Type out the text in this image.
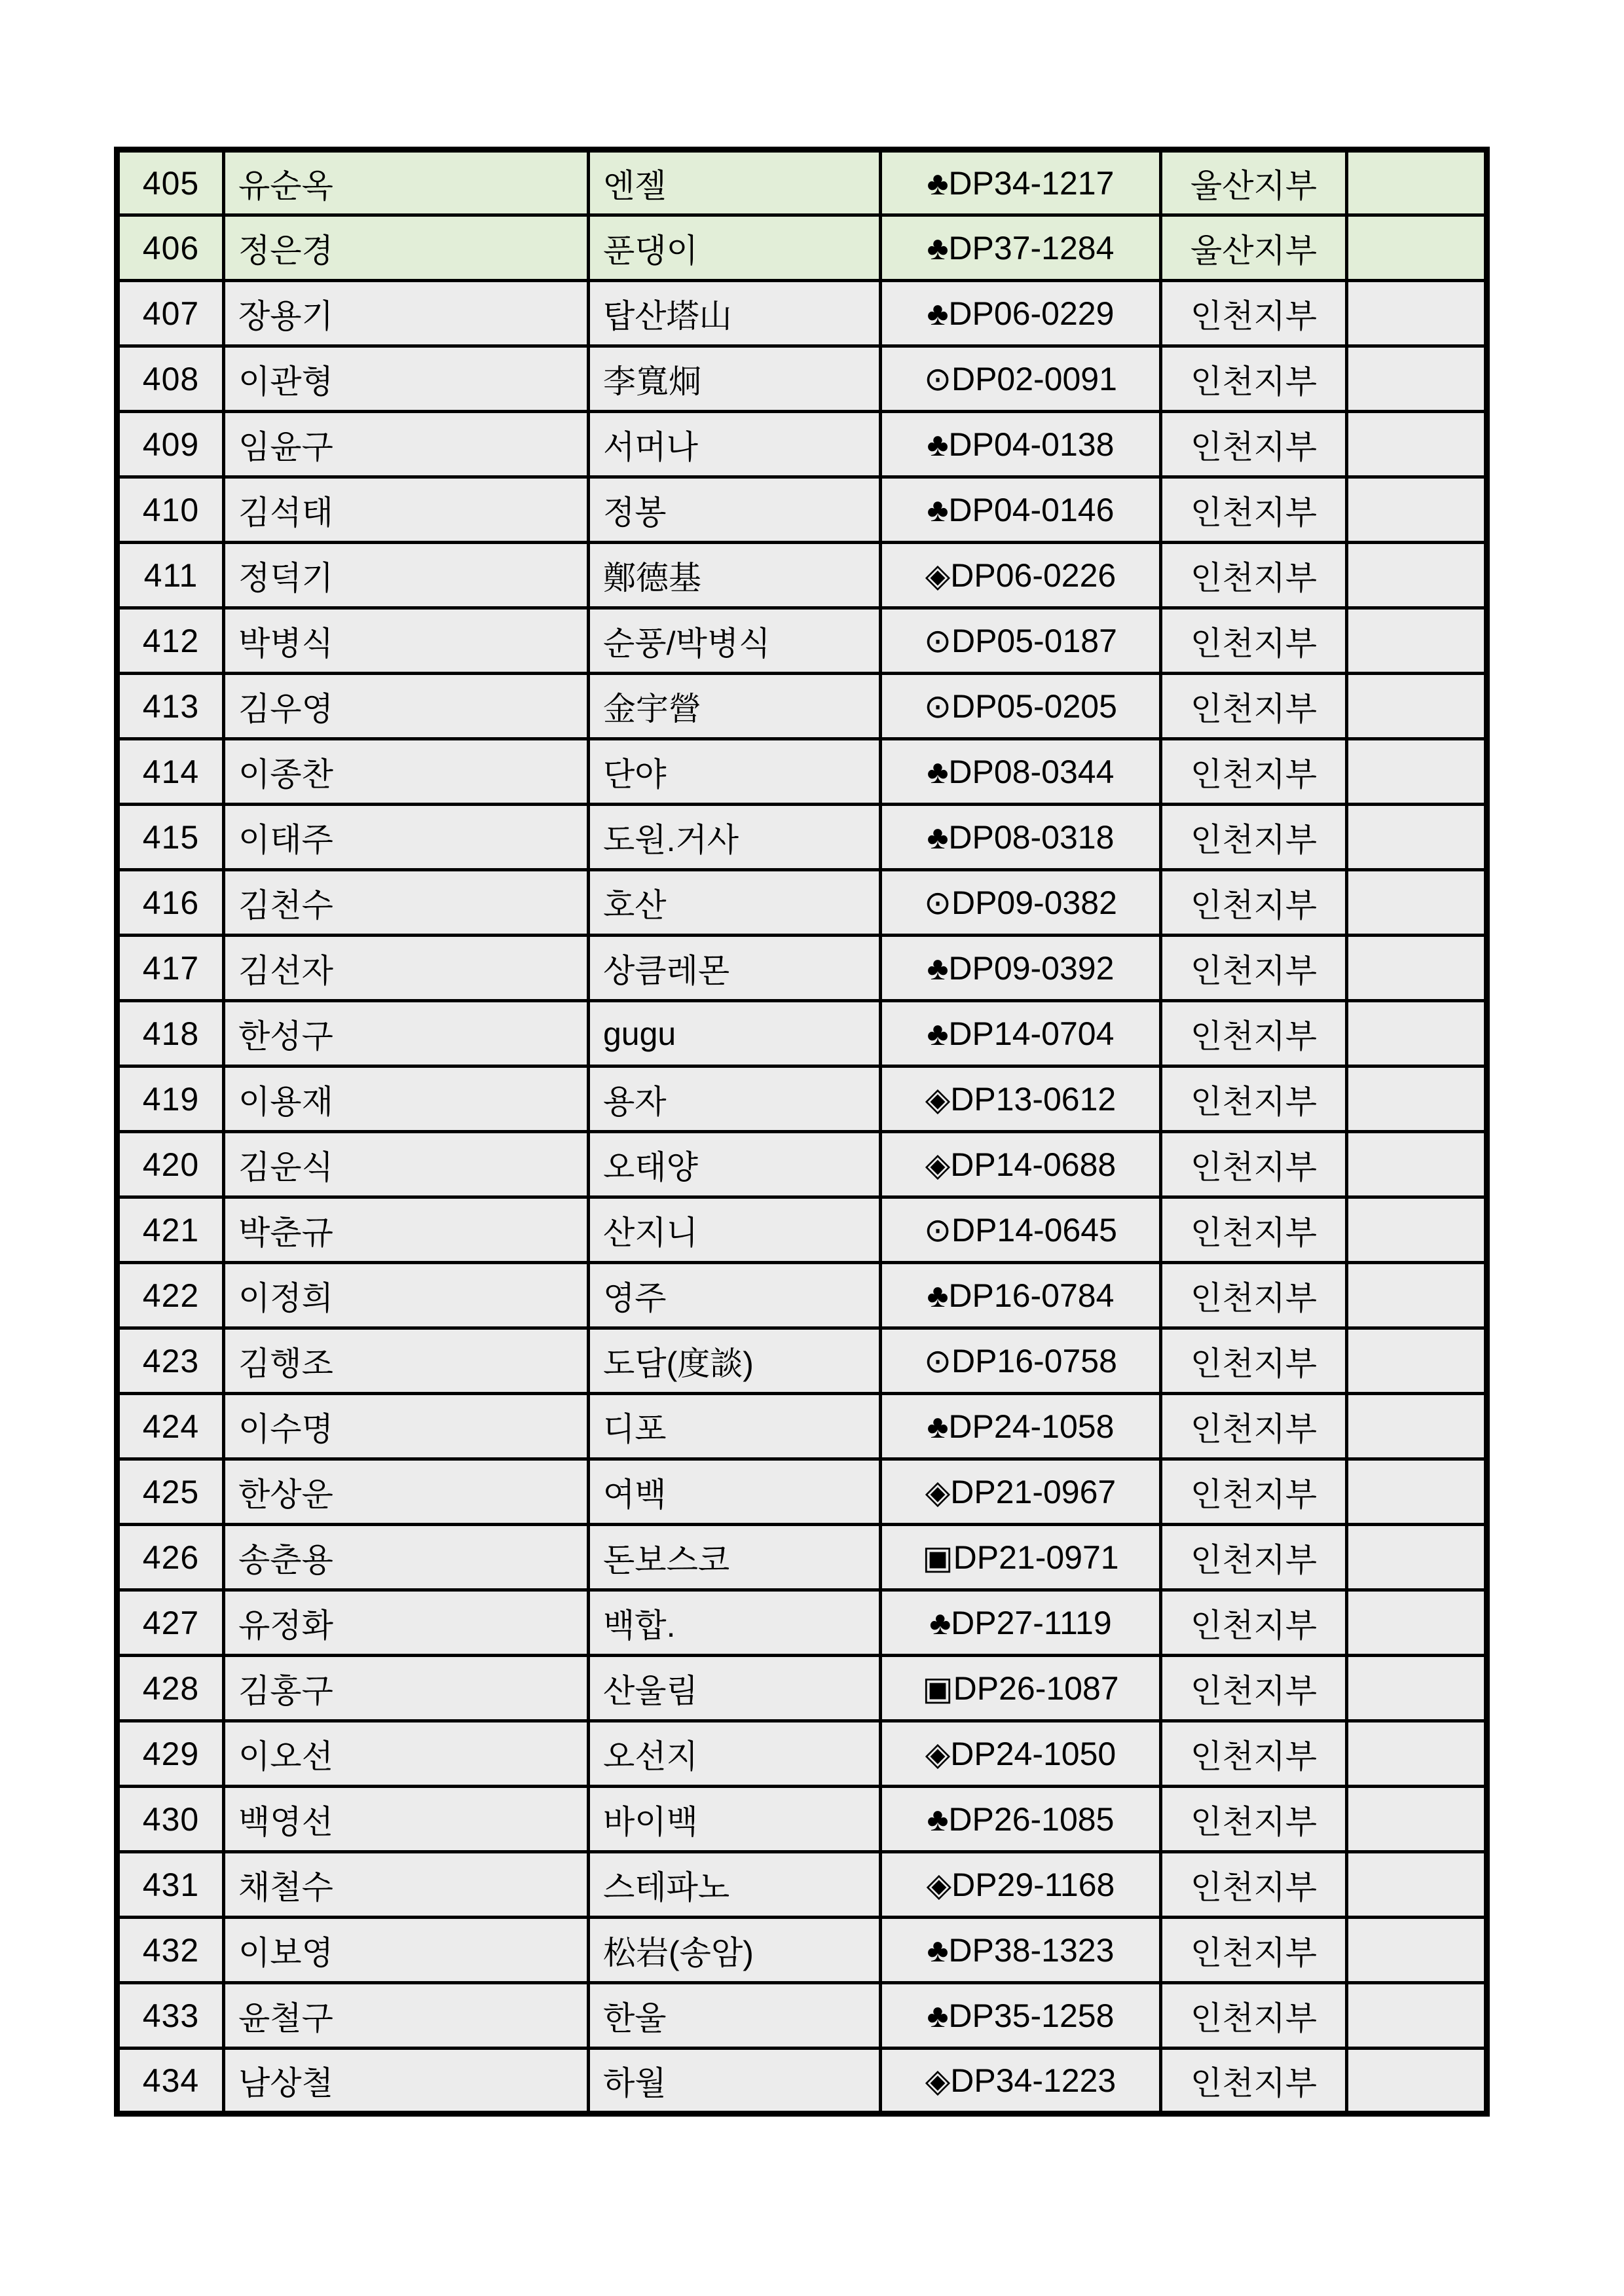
405	유순옥	엔젤	♣DP34-1217	울산지부	
406	정은경	푼댕이	♣DP37-1284	울산지부	
407	장용기	탑산塔山	♣DP06-0229	인천지부	
408	이관형	李寬炯	⊙DP02-0091	인천지부	
409	임윤구	서머나	♣DP04-0138	인천지부	
410	김석태	정봉	♣DP04-0146	인천지부	
411	정덕기	鄭德基	◈DP06-0226	인천지부	
412	박병식	순풍/박병식	⊙DP05-0187	인천지부	
413	김우영	金宇營	⊙DP05-0205	인천지부	
414	이종찬	단야	♣DP08-0344	인천지부	
415	이태주	도원.거사	♣DP08-0318	인천지부	
416	김천수	호산	⊙DP09-0382	인천지부	
417	김선자	상큼레몬	♣DP09-0392	인천지부	
418	한성구	gugu	♣DP14-0704	인천지부	
419	이용재	용자	◈DP13-0612	인천지부	
420	김운식	오태양	◈DP14-0688	인천지부	
421	박춘규	산지니	⊙DP14-0645	인천지부	
422	이정희	영주	♣DP16-0784	인천지부	
423	김행조	도담(度談)	⊙DP16-0758	인천지부	
424	이수명	디포	♣DP24-1058	인천지부	
425	한상운	여백	◈DP21-0967	인천지부	
426	송춘용	돈보스코	▣DP21-0971	인천지부	
427	유정화	백합.	♣DP27-1119	인천지부	
428	김홍구	산울림	▣DP26-1087	인천지부	
429	이오선	오선지	◈DP24-1050	인천지부	
430	백영선	바이백	♣DP26-1085	인천지부	
431	채철수	스테파노	◈DP29-1168	인천지부	
432	이보영	松岩(송암)	♣DP38-1323	인천지부	
433	윤철구	한울	♣DP35-1258	인천지부	
434	남상철	하월	◈DP34-1223	인천지부	
